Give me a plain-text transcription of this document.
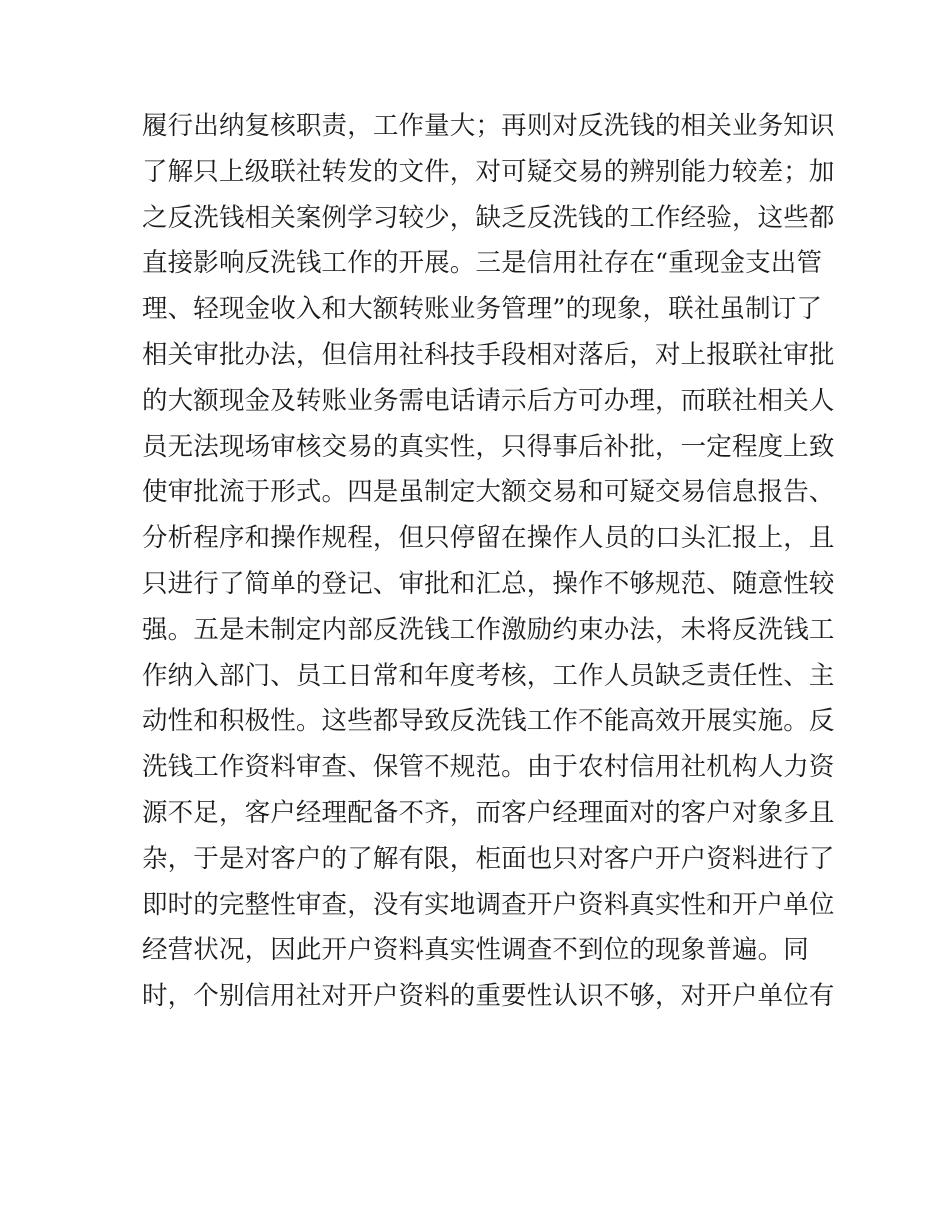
履行出纳复核职责，工作量大；再则对反洗钱的相关业务知识
了解只上级联社转发的文件，对可疑交易的辨别能力较差；加
之反洗钱相关案例学习较少，缺乏反洗钱的工作经验，这些都
直接影响反洗钱工作的开展。三是信用社存在“重现金支出管
理、轻现金收入和大额转账业务管理”的现象，联社虽制订了
相关审批办法，但信用社科技手段相对落后，对上报联社审批
的大额现金及转账业务需电话请示后方可办理，而联社相关人
员无法现场审核交易的真实性，只得事后补批，一定程度上致
使审批流于形式。四是虽制定大额交易和可疑交易信息报告、
分析程序和操作规程，但只停留在操作人员的口头汇报上，且
只进行了简单的登记、审批和汇总，操作不够规范、随意性较
强。五是未制定内部反洗钱工作激励约束办法，未将反洗钱工
作纳入部门、员工日常和年度考核，工作人员缺乏责任性、主
动性和积极性。这些都导致反洗钱工作不能高效开展实施。反
洗钱工作资料审查、保管不规范。由于农村信用社机构人力资
源不足，客户经理配备不齐，而客户经理面对的客户对象多且
杂，于是对客户的了解有限，柜面也只对客户开户资料进行了
即时的完整性审查，没有实地调查开户资料真实性和开户单位
经营状况，因此开户资料真实性调查不到位的现象普遍。同
时，个别信用社对开户资料的重要性认识不够，对开户单位有
